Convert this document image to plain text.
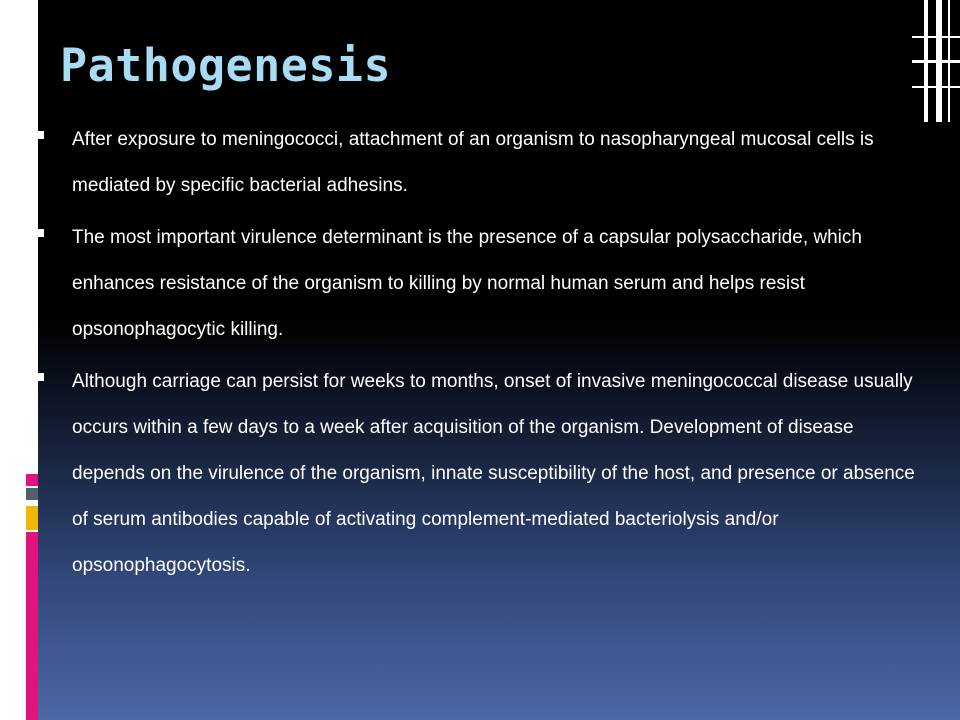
Pathogenesis
After exposure to meningococci, attachment of an organism to nasopharyngeal mucosal cells is mediated by specific bacterial adhesins.
The most important virulence determinant is the presence of a capsular polysaccharide, which enhances resistance of the organism to killing by normal human serum and helps resist opsonophagocytic killing.
Although carriage can persist for weeks to months, onset of invasive meningococcal disease usually occurs within a few days to a week after acquisition of the organism. Development of disease depends on the virulence of the organism, innate susceptibility of the host, and presence or absence of serum antibodies capable of activating complement-mediated bacteriolysis and/or opsonophagocytosis.
